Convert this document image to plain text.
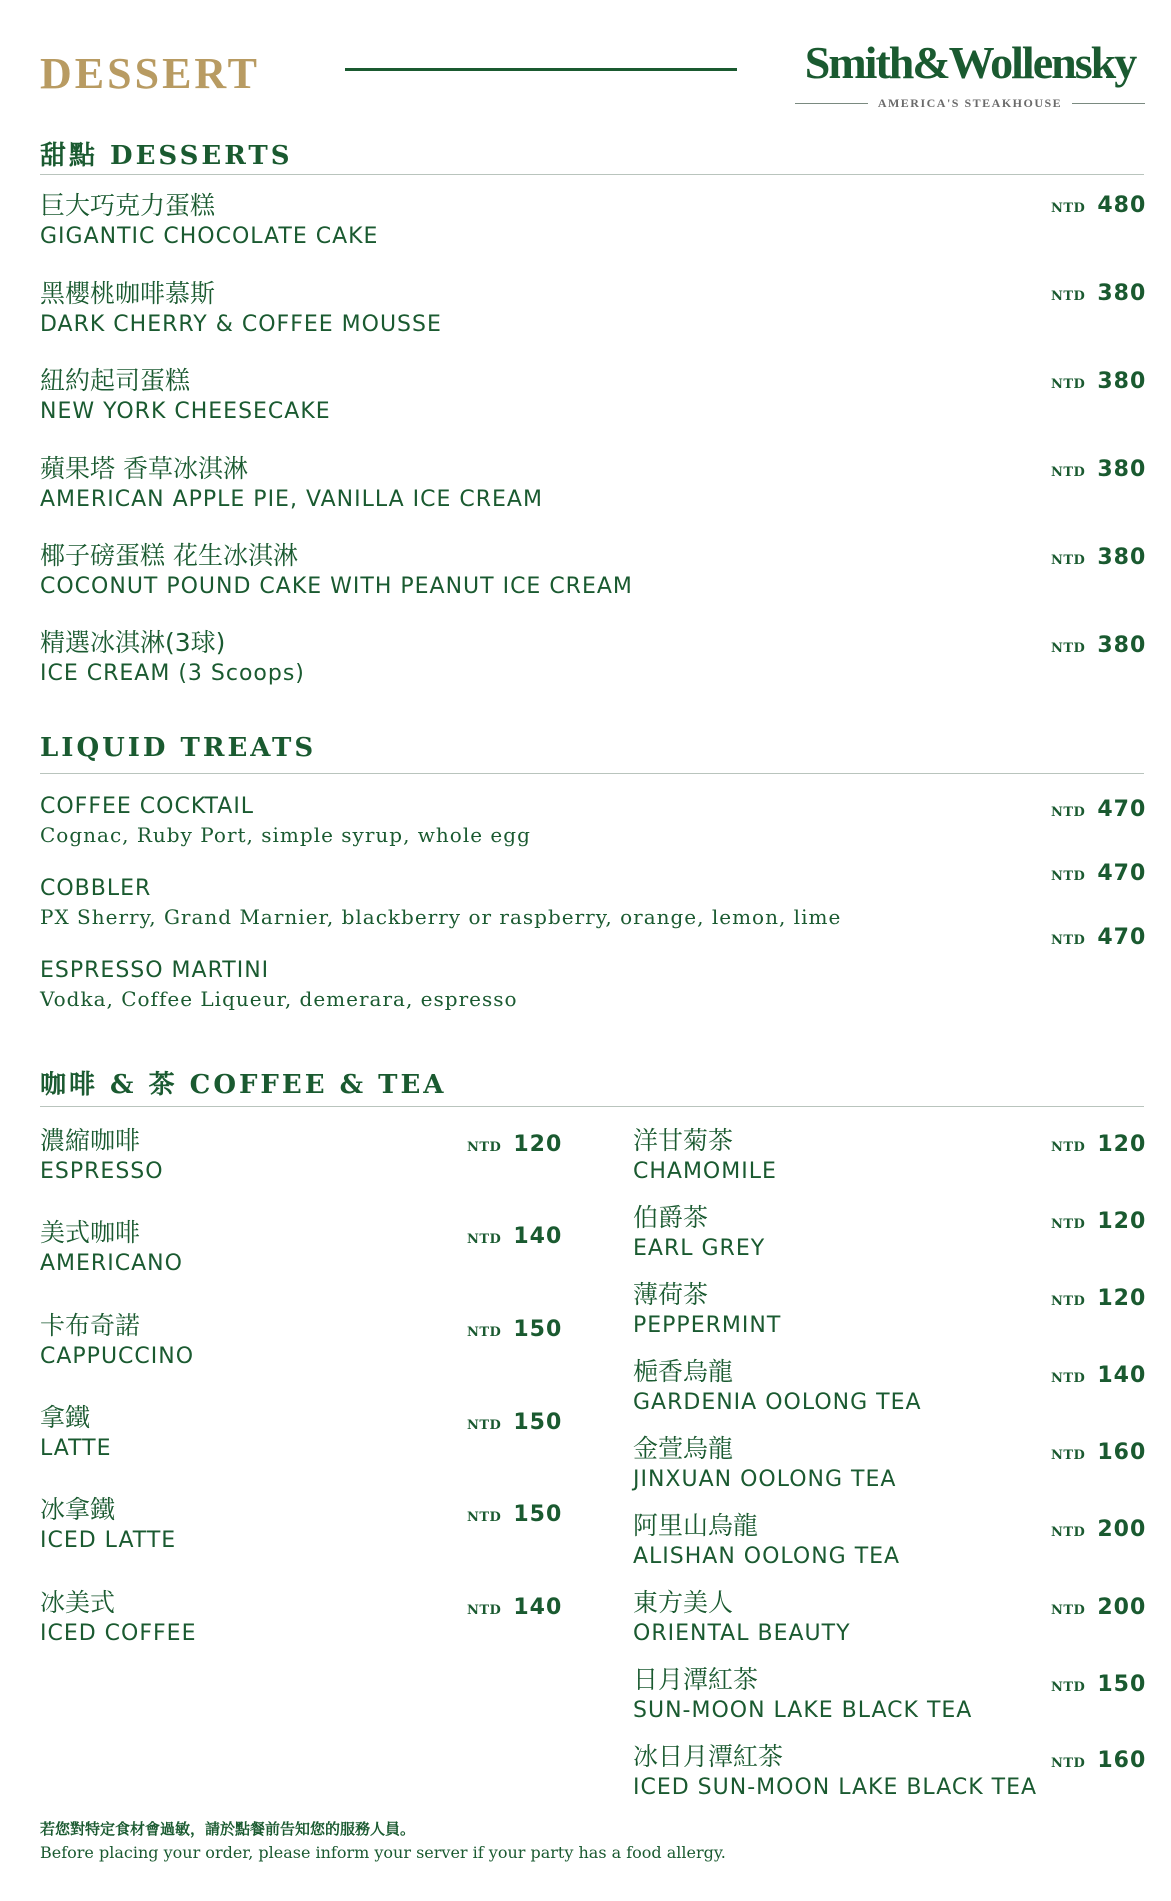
DESSERT	Smith&Wollensky
AMERICA'S STEAKHOUSE
甜點 DESSERTS
巨大巧克力蛋糕
GIGANTIC CHOCOLATE CAKE
NTD 480
黑櫻桃咖啡慕斯
DARK CHERRY & COFFEE MOUSSE
NTD 380
紐約起司蛋糕
NEW YORK CHEESECAKE
NTD 380
蘋果塔 香草冰淇淋
AMERICAN APPLE PIE, VANILLA ICE CREAM
NTD 380
椰子磅蛋糕 花生冰淇淋
COCONUT POUND CAKE WITH PEANUT ICE CREAM
NTD 380
精選冰淇淋(3球)
ICE CREAM (3 Scoops)
NTD 380
LIQUID TREATS
COFFEE COCKTAIL
Cognac, Ruby Port, simple syrup, whole egg
NTD 470
COBBLER
PX Sherry, Grand Marnier, blackberry or raspberry, orange, lemon, lime
NTD 470
ESPRESSO MARTINI
Vodka, Coffee Liqueur, demerara, espresso
NTD 470
咖啡 & 茶 COFFEE & TEA
濃縮咖啡
ESPRESSO
NTD 120
美式咖啡
AMERICANO
NTD 140
卡布奇諾
CAPPUCCINO
NTD 150
拿鐵
LATTE
NTD 150
冰拿鐵
ICED LATTE
NTD 150
冰美式
ICED COFFEE
NTD 140
洋甘菊茶
CHAMOMILE
NTD 120
伯爵茶
EARL GREY
NTD 120
薄荷茶
PEPPERMINT
NTD 120
梔香烏龍
GARDENIA OOLONG TEA
NTD 140
金萱烏龍
JINXUAN OOLONG TEA
NTD 160
阿里山烏龍
ALISHAN OOLONG TEA
NTD 200
東方美人
ORIENTAL BEAUTY
NTD 200
日月潭紅茶
SUN-MOON LAKE BLACK TEA
NTD 150
冰日月潭紅茶
ICED SUN-MOON LAKE BLACK TEA
NTD 160
若您對特定食材會過敏，請於點餐前告知您的服務人員。
Before placing your order, please inform your server if your party has a food allergy.
